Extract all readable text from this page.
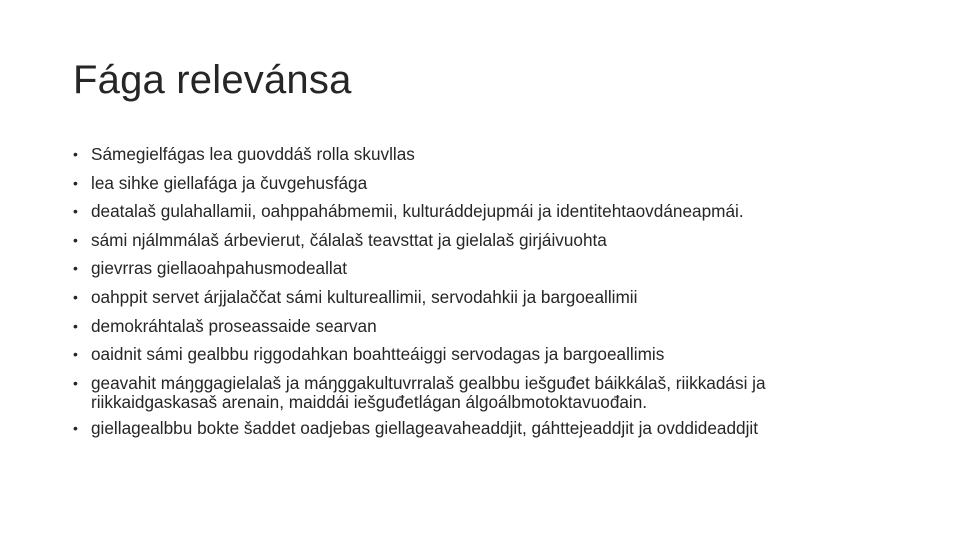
Fága relevánsa
• Sámegielfágas lea guovddáš rolla skuvllas
• lea sihke giellafága ja čuvgehusfága
• deatalaš gulahallamii, oahppahábmemii, kulturáddejupmái ja identitehtaovdáneapmái.
• sámi njálmmálaš árbevierut, čálalaš teavsttat ja gielalaš girjáivuohta
• gievrras giellaoahpahusmodeallat
• oahppit servet árjjalaččat sámi kultureallimii, servodahkii ja bargoeallimii
• demokráhtalaš proseassaide searvan
• oaidnit sámi gealbbu riggodahkan boahtteáiggi servodagas ja bargoeallimis
• geavahit máŋggagielalaš ja máŋggakultuvrralaš gealbbu iešguđet báikkálaš, riikkadási ja riikkaidgaskasaš arenain, maiddái iešguđetlágan álgoálbmotoktavuođain.
• giellagealbbu bokte šaddet oadjebas giellageavaheaddjit, gáhttejeaddjit ja ovddideaddjit
